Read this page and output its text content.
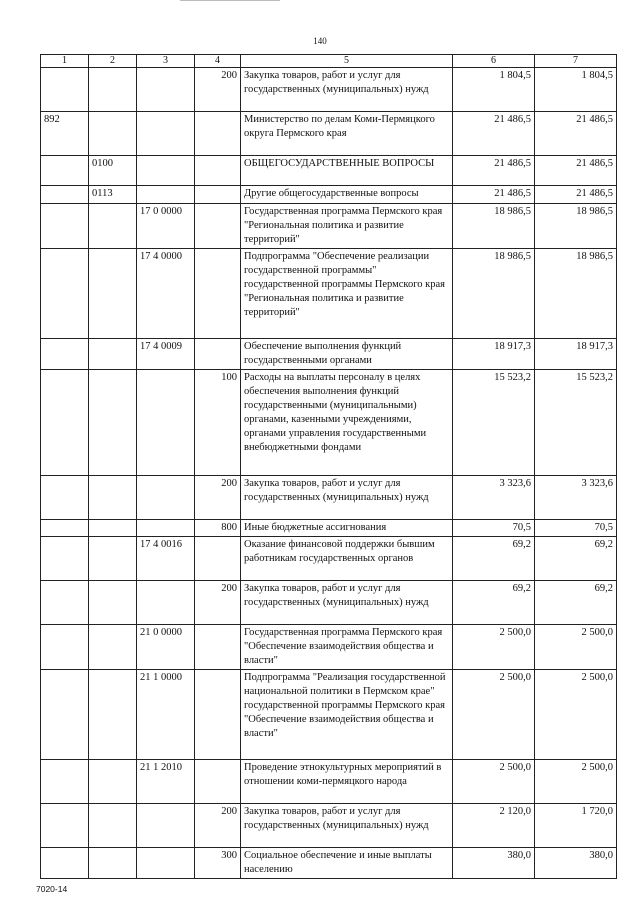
140
1	2	3	4	5	6	7
			200	Закупка товаров, работ и услуг для государственных (муниципальных) нужд	1 804,5	1 804,5
892				Министерство по делам Коми-Пермяцкого округа Пермского края	21 486,5	21 486,5
	0100			ОБЩЕГОСУДАРСТВЕННЫЕ ВОПРОСЫ	21 486,5	21 486,5
	0113			Другие общегосударственные вопросы	21 486,5	21 486,5
		17 0 0000		Государственная программа Пермского края "Региональная политика и развитие территорий"	18 986,5	18 986,5
		17 4 0000		Подпрограмма "Обеспечение реализации государственной программы" государственной программы Пермского края "Региональная политика и развитие территорий"	18 986,5	18 986,5
		17 4 0009		Обеспечение выполнения функций государственными органами	18 917,3	18 917,3
			100	Расходы на выплаты персоналу в целях обеспечения выполнения функций государственными (муниципальными) органами, казенными учреждениями, органами управления государственными внебюджетными фондами	15 523,2	15 523,2
			200	Закупка товаров, работ и услуг для государственных (муниципальных) нужд	3 323,6	3 323,6
			800	Иные бюджетные ассигнования	70,5	70,5
		17 4 0016		Оказание финансовой поддержки бывшим работникам государственных органов	69,2	69,2
			200	Закупка товаров, работ и услуг для государственных (муниципальных) нужд	69,2	69,2
		21 0 0000		Государственная программа Пермского края "Обеспечение взаимодействия общества и власти"	2 500,0	2 500,0
		21 1 0000		Подпрограмма "Реализация государственной национальной политики в Пермском крае" государственной программы Пермского края "Обеспечение взаимодействия общества и власти"	2 500,0	2 500,0
		21 1 2010		Проведение этнокультурных мероприятий в отношении коми-пермяцкого народа	2 500,0	2 500,0
			200	Закупка товаров, работ и услуг для государственных (муниципальных) нужд	2 120,0	1 720,0
			300	Социальное обеспечение и иные выплаты населению	380,0	380,0
7020-14
